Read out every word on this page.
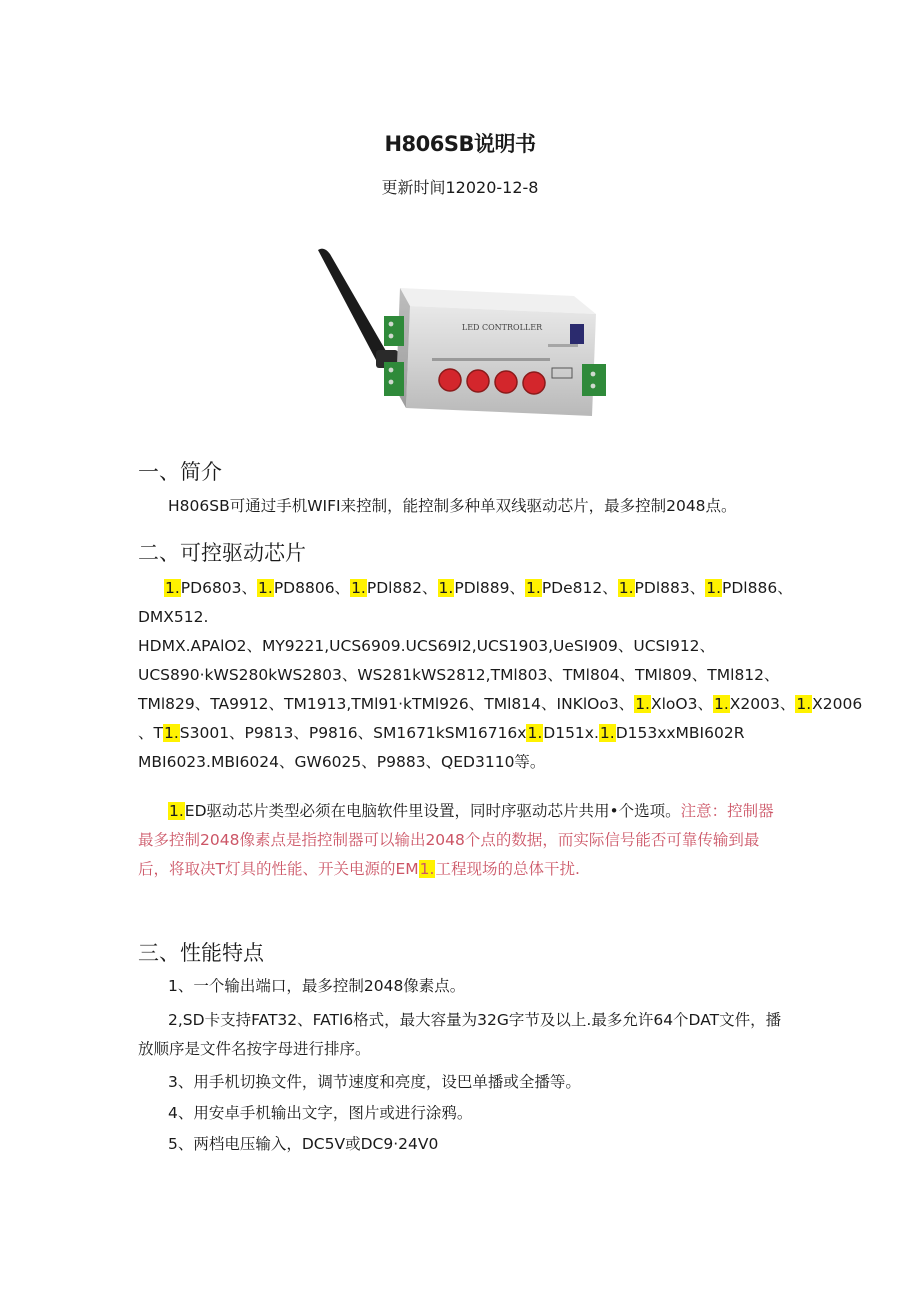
H806SB说明书
更新时间12020-12-8
LED CONTROLLER
一、简介
H806SB可通过手机WIFI来控制，能控制多种单双线驱动芯片，最多控制2048点。
二、可控驱动芯片
1.PD6803、1.PD8806、1.PDl882、1.PDl889、1.PDe812、1.PDl883、1.PDl886、
DMX512.
HDMX.APAlO2、MY9221,UCS6909.UCS69I2,UCS1903,UeSI909、UCSI912、
UCS890·kWS280kWS2803、WS281kWS2812,TMl803、TMl804、TMl809、TMl812、
TMl829、TA9912、TM1913,TMl91·kTMl926、TMl814、INKlOo3、1.XloO3、1.X2003、1.X2006
、T1.S3001、P9813、P9816、SM1671kSM16716x1.D151x.1.D153xxMBI602R
MBI6023.MBI6024、GW6025、P9883、QED3110等。
1.ED驱动芯片类型必须在电脑软件里设置，同时序驱动芯片共用•个选项。注意：控制器最多控制2048像素点是指控制器可以输出2048个点的数据，而实际信号能否可靠传输到最后，将取决T灯具的性能、开关电源的EM1.工程现场的总体干扰.
三、性能特点
1、一个输出端口，最多控制2048像素点。
2,SD卡支持FAT32、FATl6格式，最大容量为32G字节及以上.最多允许64个DAT文件，播放顺序是文件名按字母进行排序。
3、用手机切换文件，调节速度和亮度，设巴单播或全播等。
4、用安卓手机输出文字，图片或进行涂鸦。
5、两档电压输入，DC5V或DC9·24V0
